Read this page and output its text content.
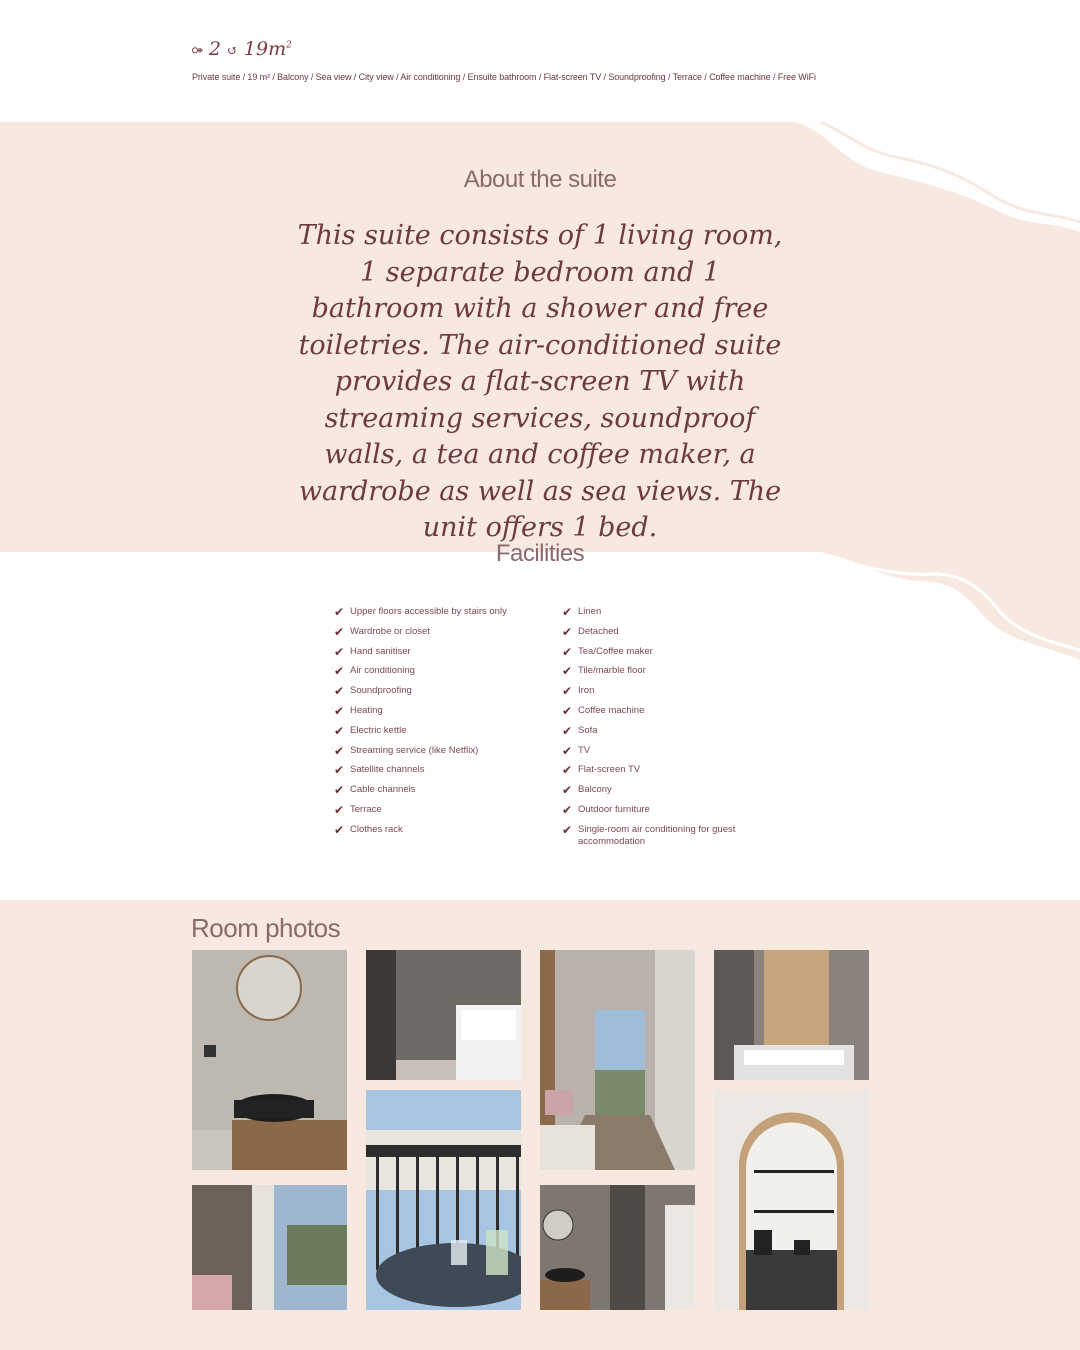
⚩ 2 ↺ $19m^2$
Private suite / 19 m² / Balcony / Sea view / City view / Air conditioning / Ensuite bathroom / Flat-screen TV / Soundproofing / Terrace / Coffee machine / Free WiFi
About the suite
This suite consists of 1 living room, 1 separate bedroom and 1 bathroom with a shower and free toiletries. The air-conditioned suite provides a flat-screen TV with streaming services, soundproof walls, a tea and coffee maker, a wardrobe as well as sea views. The unit offers 1 bed.
Facilities
✔ Upper floors accessible by stairs only
✔ Wardrobe or closet
✔ Hand sanitiser
✔ Air conditioning
✔ Soundproofing
✔ Heating
✔ Electric kettle
✔ Streaming service (like Netflix)
✔ Satellite channels
✔ Cable channels
✔ Terrace
✔ Clothes rack
✔ Linen
✔ Detached
✔ Tea/Coffee maker
✔ Tile/marble floor
✔ Iron
✔ Coffee machine
✔ Sofa
✔ TV
✔ Flat-screen TV
✔ Balcony
✔ Outdoor furniture
✔ Single-room air conditioning for guest accommodation
Room photos
